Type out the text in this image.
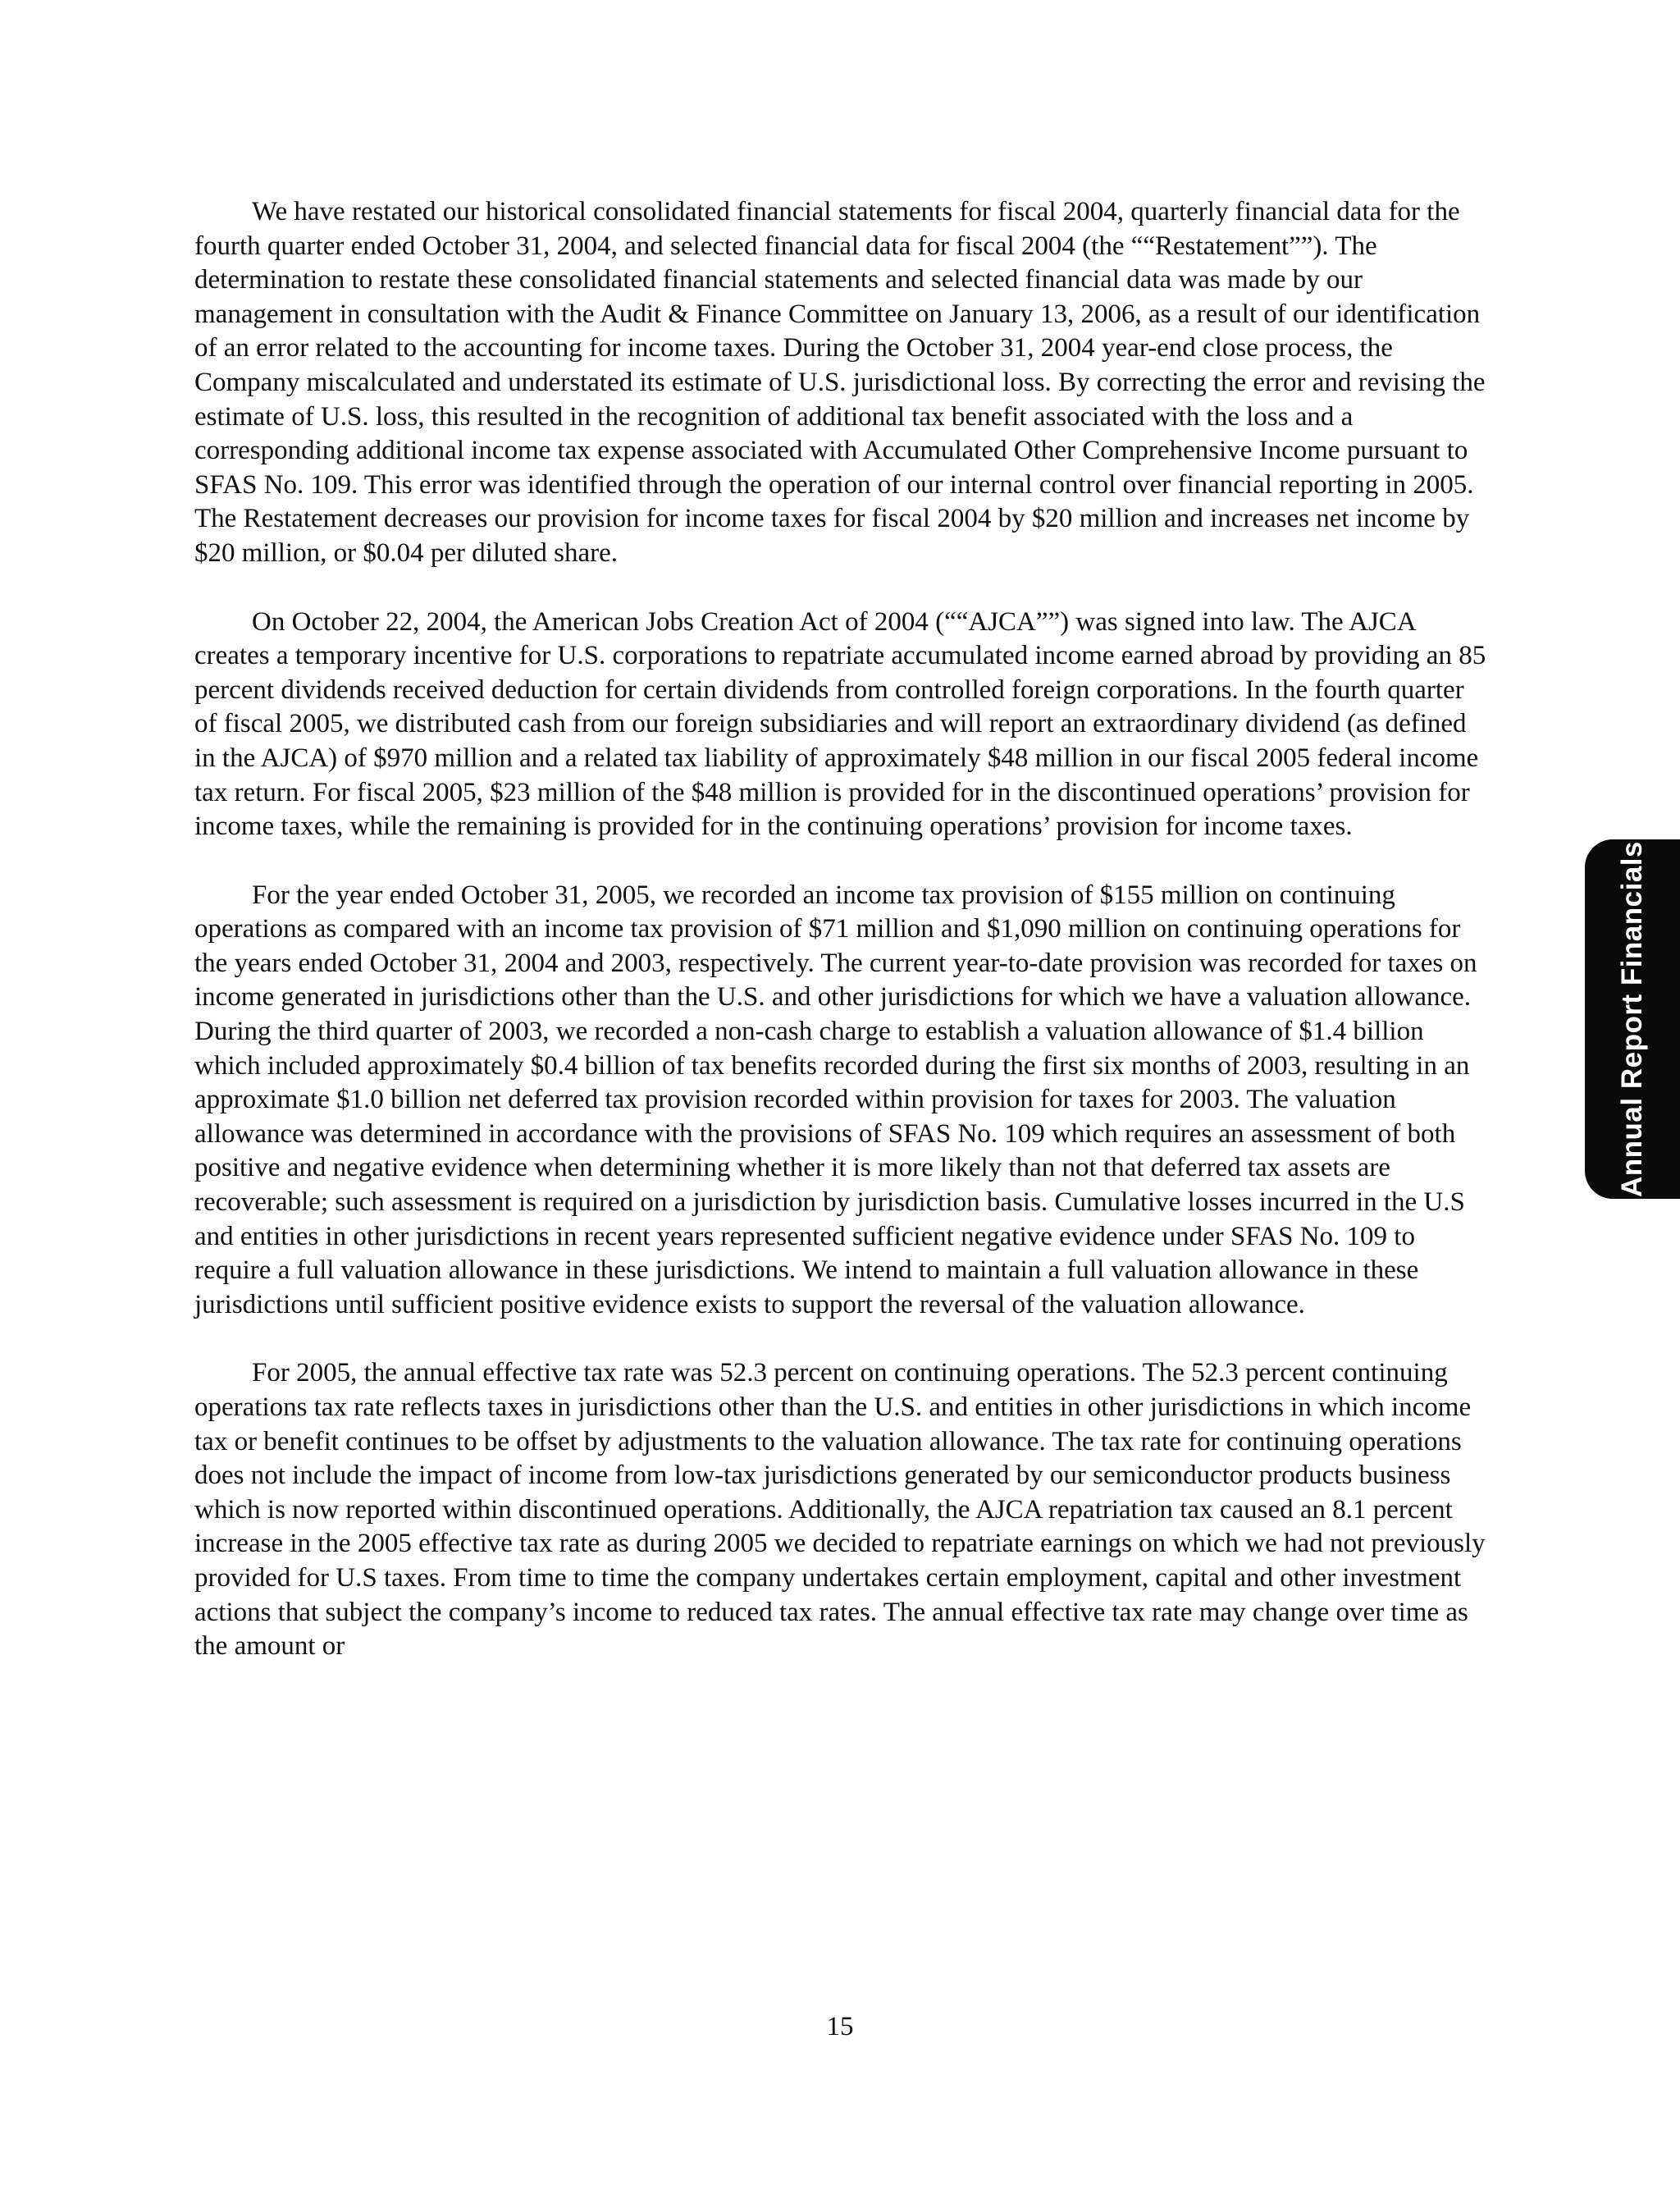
We have restated our historical consolidated financial statements for fiscal 2004, quarterly financial data for the fourth quarter ended October 31, 2004, and selected financial data for fiscal 2004 (the ““Restatement””). The determination to restate these consolidated financial statements and selected financial data was made by our management in consultation with the Audit & Finance Committee on January 13, 2006, as a result of our identification of an error related to the accounting for income taxes. During the October 31, 2004 year-end close process, the Company miscalculated and understated its estimate of U.S. jurisdictional loss. By correcting the error and revising the estimate of U.S. loss, this resulted in the recognition of additional tax benefit associated with the loss and a corresponding additional income tax expense associated with Accumulated Other Comprehensive Income pursuant to SFAS No. 109. This error was identified through the operation of our internal control over financial reporting in 2005. The Restatement decreases our provision for income taxes for fiscal 2004 by $20 million and increases net income by $20 million, or $0.04 per diluted share.

On October 22, 2004, the American Jobs Creation Act of 2004 (““AJCA””) was signed into law. The AJCA creates a temporary incentive for U.S. corporations to repatriate accumulated income earned abroad by providing an 85 percent dividends received deduction for certain dividends from controlled foreign corporations. In the fourth quarter of fiscal 2005, we distributed cash from our foreign subsidiaries and will report an extraordinary dividend (as defined in the AJCA) of $970 million and a related tax liability of approximately $48 million in our fiscal 2005 federal income tax return. For fiscal 2005, $23 million of the $48 million is provided for in the discontinued operations’ provision for income taxes, while the remaining is provided for in the continuing operations’ provision for income taxes.

For the year ended October 31, 2005, we recorded an income tax provision of $155 million on continuing operations as compared with an income tax provision of $71 million and $1,090 million on continuing operations for the years ended October 31, 2004 and 2003, respectively. The current year-to-date provision was recorded for taxes on income generated in jurisdictions other than the U.S. and other jurisdictions for which we have a valuation allowance. During the third quarter of 2003, we recorded a non-cash charge to establish a valuation allowance of $1.4 billion which included approximately $0.4 billion of tax benefits recorded during the first six months of 2003, resulting in an approximate $1.0 billion net deferred tax provision recorded within provision for taxes for 2003. The valuation allowance was determined in accordance with the provisions of SFAS No. 109 which requires an assessment of both positive and negative evidence when determining whether it is more likely than not that deferred tax assets are recoverable; such assessment is required on a jurisdiction by jurisdiction basis. Cumulative losses incurred in the U.S and entities in other jurisdictions in recent years represented sufficient negative evidence under SFAS No. 109 to require a full valuation allowance in these jurisdictions. We intend to maintain a full valuation allowance in these jurisdictions until sufficient positive evidence exists to support the reversal of the valuation allowance.

For 2005, the annual effective tax rate was 52.3 percent on continuing operations. The 52.3 percent continuing operations tax rate reflects taxes in jurisdictions other than the U.S. and entities in other jurisdictions in which income tax or benefit continues to be offset by adjustments to the valuation allowance. The tax rate for continuing operations does not include the impact of income from low-tax jurisdictions generated by our semiconductor products business which is now reported within discontinued operations. Additionally, the AJCA repatriation tax caused an 8.1 percent increase in the 2005 effective tax rate as during 2005 we decided to repatriate earnings on which we had not previously provided for U.S taxes. From time to time the company undertakes certain employment, capital and other investment actions that subject the company’s income to reduced tax rates. The annual effective tax rate may change over time as the amount or

Annual Report Financials
15
